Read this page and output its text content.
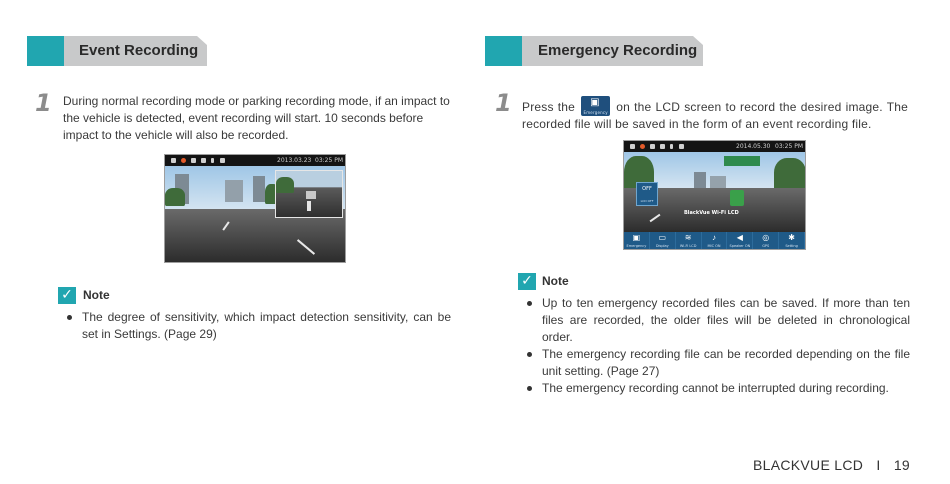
Event Recording
1 During normal recording mode or parking recording mode, if an impact to the vehicle is detected, event recording will start. 10 seconds before impact to the vehicle will also be recorded.
2013.03.23 03:25 PM
✓ Note
The degree of sensitivity, which impact detection sensitivity, can be set in Settings. (Page 29)
Emergency Recording
1 Press the ▣
Emergency on the LCD screen to record the desired image. The recorded file will be saved in the form of an event recording file.
2014.05.30 03:25 PM
OFF
LCD OFF
BlackVue Wi-Fi LCD
▣
Emergency
▭
Display
≋
Wi-Fi LCD
♪
MIC ON
◀
Speaker ON
◎
GPS
✱
Setting
✓ Note
Up to ten emergency recorded files can be saved. If more than ten files are recorded, the older files will be deleted in chronological order.
The emergency recording file can be recorded depending on the file unit setting. (Page 27)
The emergency recording cannot be interrupted during recording.
BLACKVUE LCD I 19
